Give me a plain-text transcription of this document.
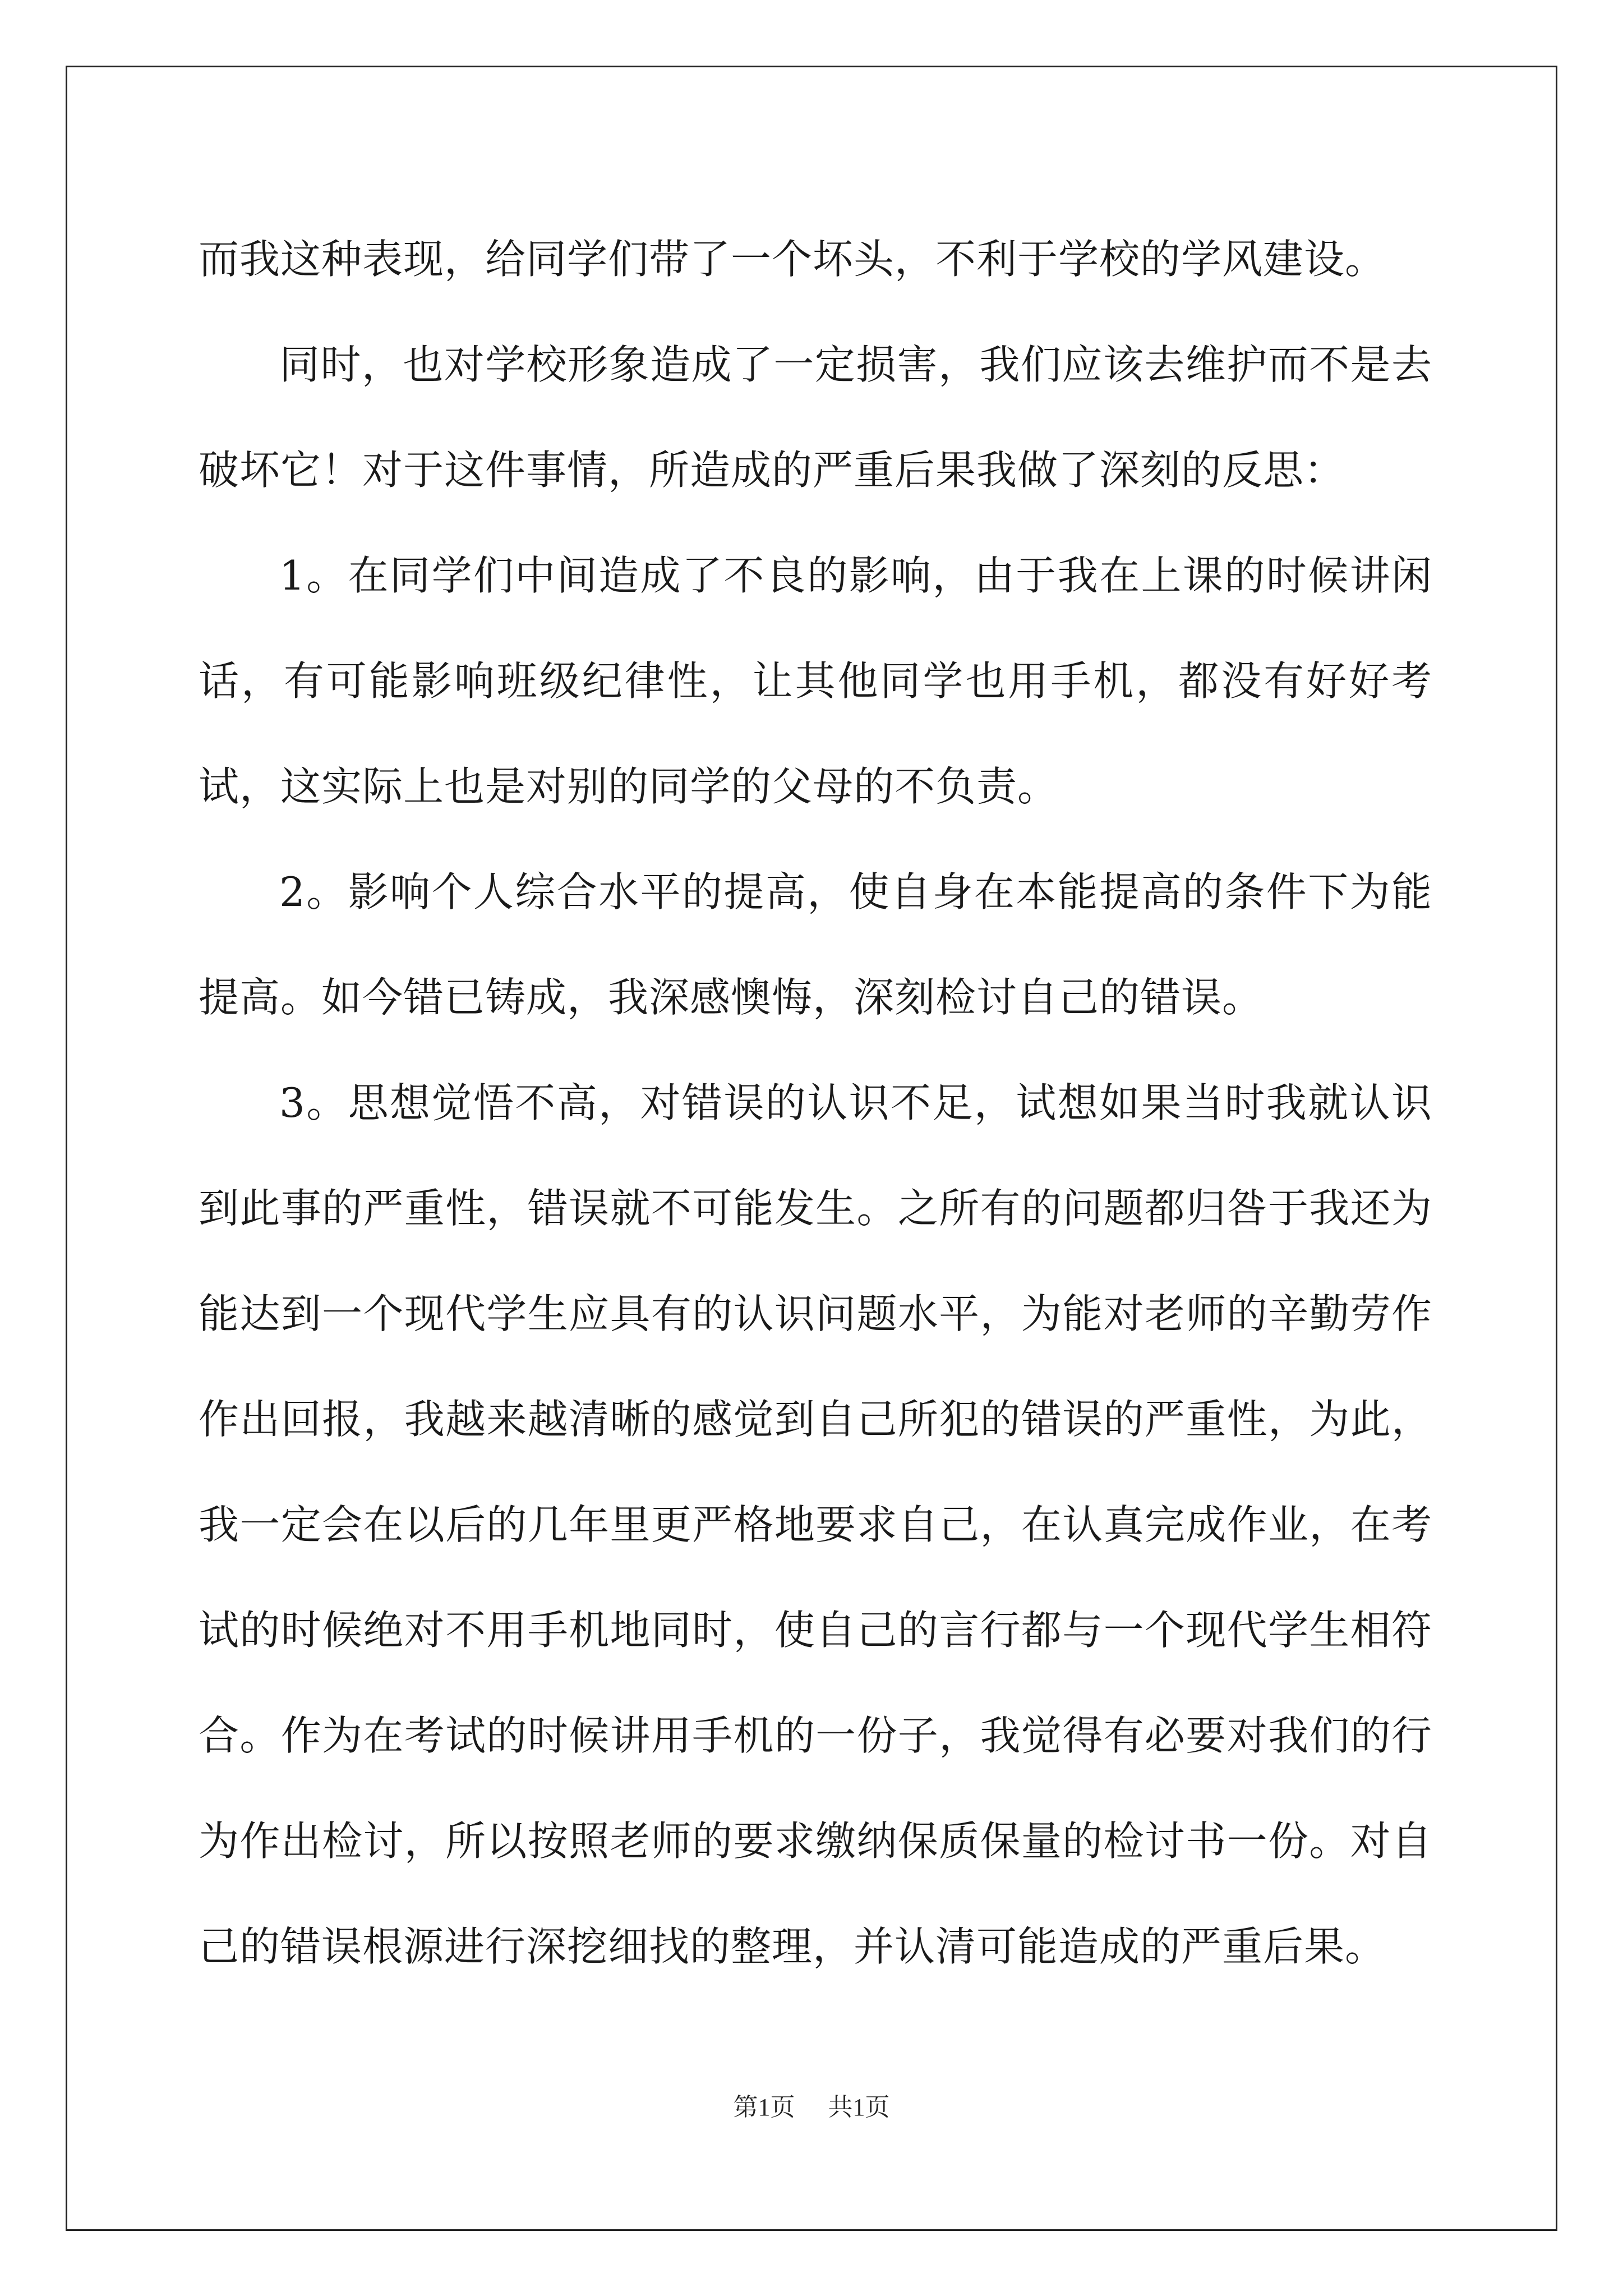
而我这种表现，给同学们带了一个坏头，不利于学校的学风建设。

同时，也对学校形象造成了一定损害，我们应该去维护而不是去破坏它！对于这件事情，所造成的严重后果我做了深刻的反思：

1。在同学们中间造成了不良的影响，由于我在上课的时候讲闲话，有可能影响班级纪律性，让其他同学也用手机，都没有好好考试，这实际上也是对别的同学的父母的不负责。

2。影响个人综合水平的提高，使自身在本能提高的条件下为能提高。如今错已铸成，我深感懊悔，深刻检讨自己的错误。

3。思想觉悟不高，对错误的认识不足，试想如果当时我就认识到此事的严重性，错误就不可能发生。之所有的问题都归咎于我还为能达到一个现代学生应具有的认识问题水平，为能对老师的辛勤劳作作出回报，我越来越清晰的感觉到自己所犯的错误的严重性，为此，我一定会在以后的几年里更严格地要求自己，在认真完成作业，在考试的时候绝对不用手机地同时，使自己的言行都与一个现代学生相符合。作为在考试的时候讲用手机的一份子，我觉得有必要对我们的行为作出检讨，所以按照老师的要求缴纳保质保量的检讨书一份。对自己的错误根源进行深挖细找的整理，并认清可能造成的严重后果。

第1页 共1页
